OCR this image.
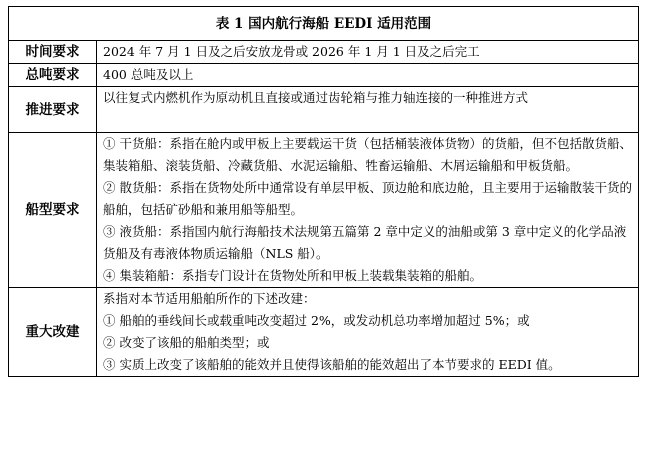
表 1 国内航行海船 EEDI 适用范围	
时间要求	2024 年 7 月 1 日及之后安放龙骨或 2026 年 1 月 1 日及之后完工

总吨要求	400 总吨及以上

推进要求	以往复式内燃机作为原动机且直接或通过齿轮箱与推力轴连接的一种推进方式

船型要求	① 干货船：系指在舱内或甲板上主要载运干货（包括桶装液体货物）的货船，但不包括散货船、集装箱船、滚装货船、冷藏货船、水泥运输船、牲畜运输船、木屑运输船和甲板货船。
② 散货船：系指在货物处所中通常设有单层甲板、顶边舱和底边舱，且主要用于运输散装干货的船舶，包括矿砂船和兼用船等船型。
③ 液货船：系指国内航行海船技术法规第五篇第 2 章中定义的油船或第 3 章中定义的化学品液货船及有毒液体物质运输船（NLS 船）。
④ 集装箱船：系指专门设计在货物处所和甲板上装载集装箱的船舶。

重大改建	系指对本节适用船舶所作的下述改建：
① 船舶的垂线间长或载重吨改变超过 2%，或发动机总功率增加超过 5%；或
② 改变了该船的船舶类型；或
③ 实质上改变了该船舶的能效并且使得该船舶的能效超出了本节要求的 EEDI 值。
